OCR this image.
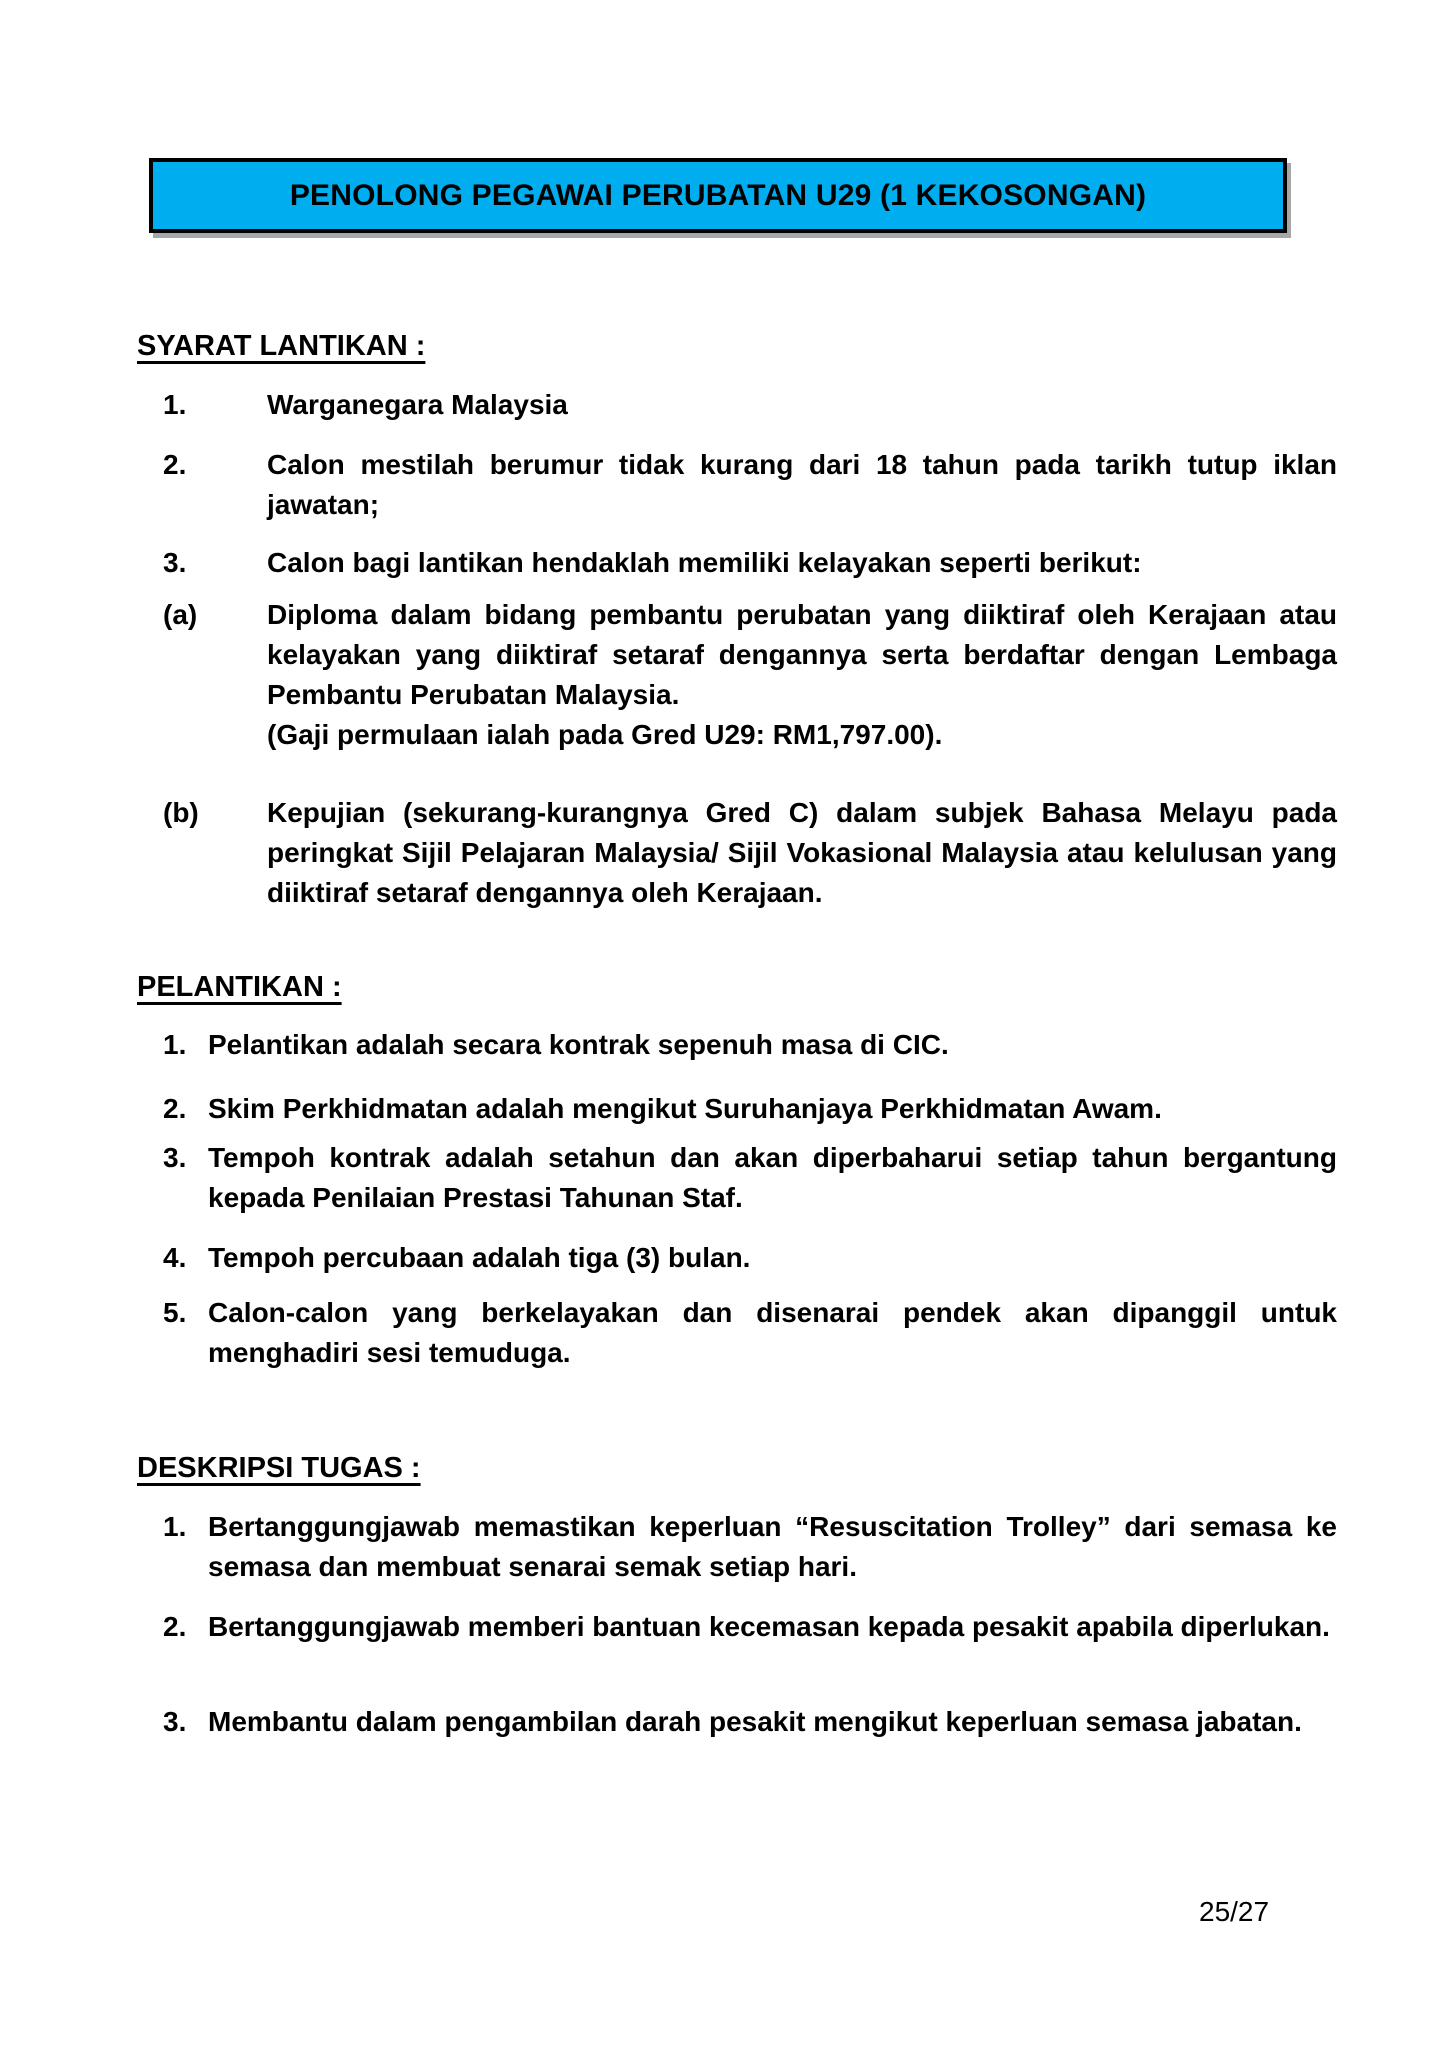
PENOLONG PEGAWAI PERUBATAN U29 (1 KEKOSONGAN)
SYARAT LANTIKAN :
1.	Warganegara Malaysia
2.	Calon mestilah berumur tidak kurang dari 18 tahun pada tarikh tutup iklan jawatan;
3.	Calon bagi lantikan hendaklah memiliki kelayakan seperti berikut:
(a) Diploma dalam bidang pembantu perubatan yang diiktiraf oleh Kerajaan atau kelayakan yang diiktiraf setaraf dengannya serta berdaftar dengan Lembaga Pembantu Perubatan Malaysia.
(Gaji permulaan ialah pada Gred U29: RM1,797.00).
(b) Kepujian (sekurang-kurangnya Gred C) dalam subjek Bahasa Melayu pada peringkat Sijil Pelajaran Malaysia/ Sijil Vokasional Malaysia atau kelulusan yang diiktiraf setaraf dengannya oleh Kerajaan.
PELANTIKAN :
1. Pelantikan adalah secara kontrak sepenuh masa di CIC.
2. Skim Perkhidmatan adalah mengikut Suruhanjaya Perkhidmatan Awam.
3. Tempoh kontrak adalah setahun dan akan diperbaharui setiap tahun bergantung kepada Penilaian Prestasi Tahunan Staf.
4. Tempoh percubaan adalah tiga (3) bulan.
5. Calon-calon yang berkelayakan dan disenarai pendek akan dipanggil untuk menghadiri sesi temuduga.
DESKRIPSI TUGAS :
1. Bertanggungjawab memastikan keperluan “Resuscitation Trolley” dari semasa ke semasa dan membuat senarai semak setiap hari.
2. Bertanggungjawab memberi bantuan kecemasan kepada pesakit apabila diperlukan.
3. Membantu dalam pengambilan darah pesakit mengikut keperluan semasa jabatan.
25/27
